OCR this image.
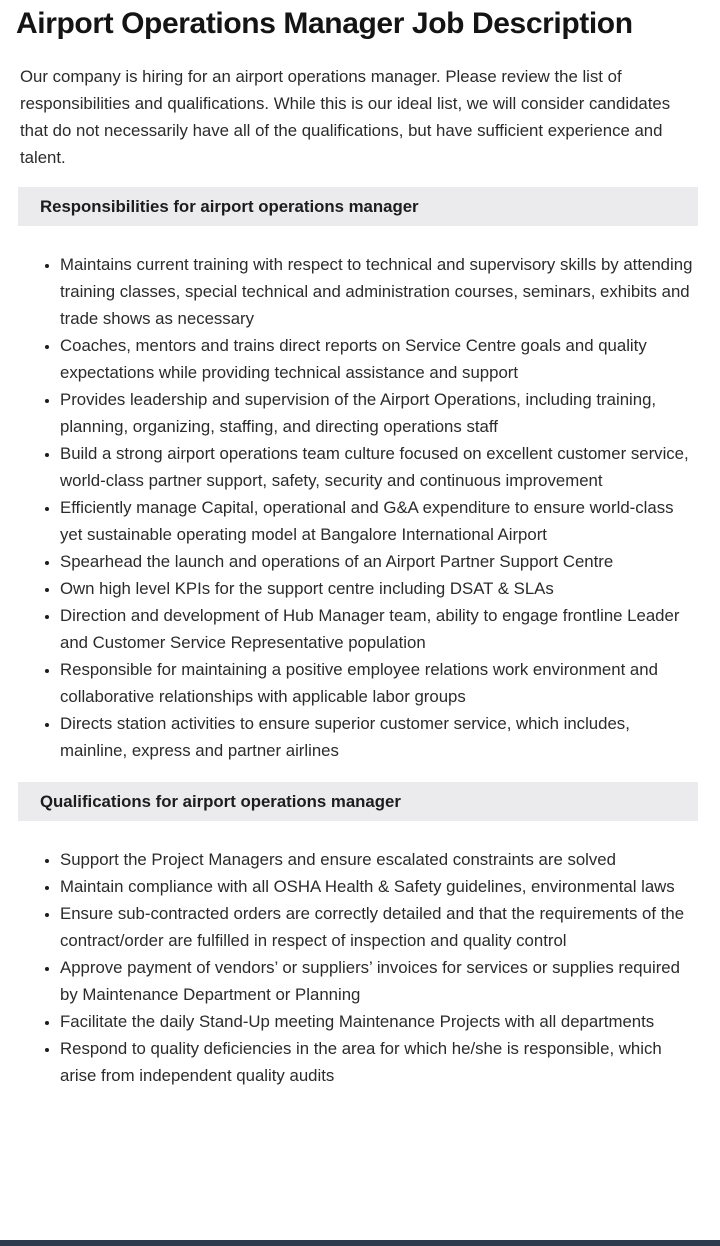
Airport Operations Manager Job Description

Our company is hiring for an airport operations manager. Please review the list of responsibilities and qualifications. While this is our ideal list, we will consider candidates that do not necessarily have all of the qualifications, but have sufficient experience and talent.

Responsibilities for airport operations manager
• Maintains current training with respect to technical and supervisory skills by attending training classes, special technical and administration courses, seminars, exhibits and trade shows as necessary
• Coaches, mentors and trains direct reports on Service Centre goals and quality expectations while providing technical assistance and support
• Provides leadership and supervision of the Airport Operations, including training, planning, organizing, staffing, and directing operations staff
• Build a strong airport operations team culture focused on excellent customer service, world-class partner support, safety, security and continuous improvement
• Efficiently manage Capital, operational and G&A expenditure to ensure world-class yet sustainable operating model at Bangalore International Airport
• Spearhead the launch and operations of an Airport Partner Support Centre
• Own high level KPIs for the support centre including DSAT & SLAs
• Direction and development of Hub Manager team, ability to engage frontline Leader and Customer Service Representative population
• Responsible for maintaining a positive employee relations work environment and collaborative relationships with applicable labor groups
• Directs station activities to ensure superior customer service, which includes, mainline, express and partner airlines
Qualifications for airport operations manager
• Support the Project Managers and ensure escalated constraints are solved
• Maintain compliance with all OSHA Health & Safety guidelines, environmental laws
• Ensure sub-contracted orders are correctly detailed and that the requirements of the contract/order are fulfilled in respect of inspection and quality control
• Approve payment of vendors’ or suppliers’ invoices for services or supplies required by Maintenance Department or Planning
• Facilitate the daily Stand-Up meeting Maintenance Projects with all departments
• Respond to quality deficiencies in the area for which he/she is responsible, which arise from independent quality audits
